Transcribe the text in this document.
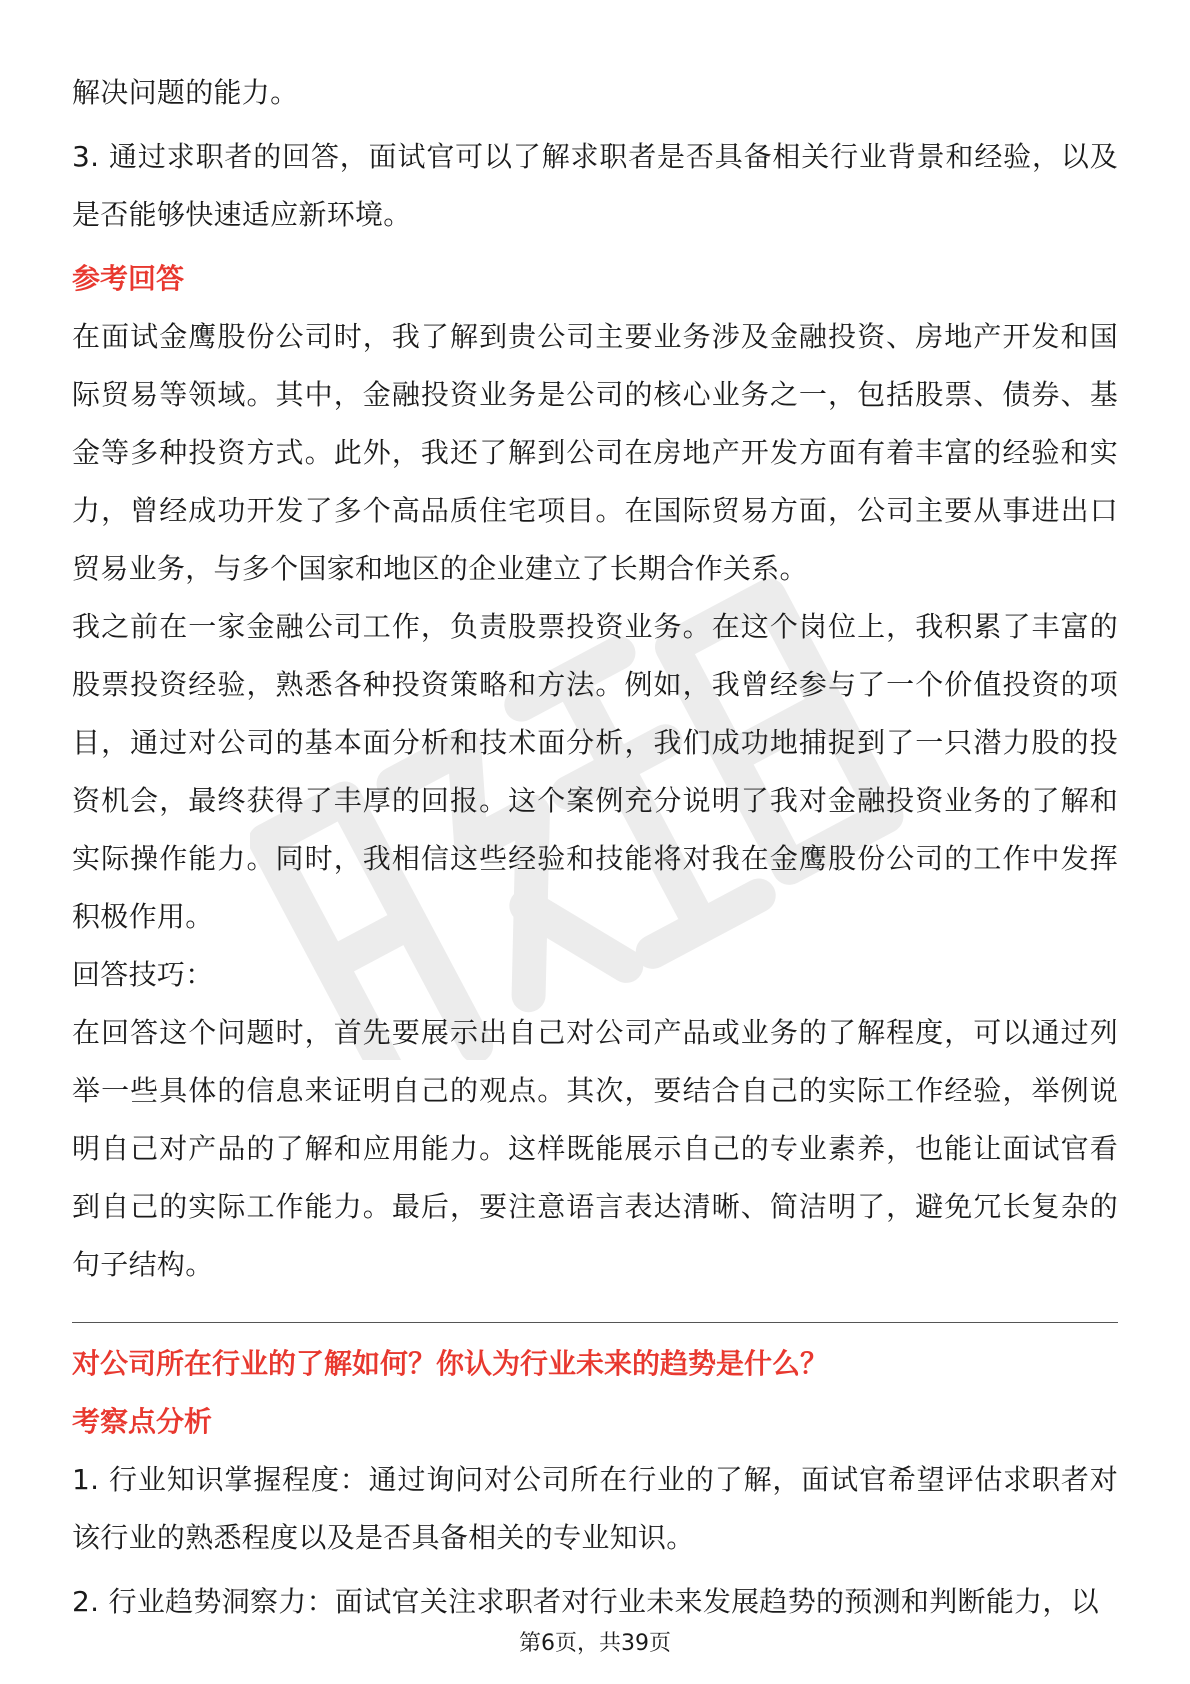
解决问题的能力。

3. 通过求职者的回答，面试官可以了解求职者是否具备相关行业背景和经验，以及是否能够快速适应新环境。

参考回答

在面试金鹰股份公司时，我了解到贵公司主要业务涉及金融投资、房地产开发和国际贸易等领域。其中，金融投资业务是公司的核心业务之一，包括股票、债券、基金等多种投资方式。此外，我还了解到公司在房地产开发方面有着丰富的经验和实力，曾经成功开发了多个高品质住宅项目。在国际贸易方面，公司主要从事进出口贸易业务，与多个国家和地区的企业建立了长期合作关系。

我之前在一家金融公司工作，负责股票投资业务。在这个岗位上，我积累了丰富的股票投资经验，熟悉各种投资策略和方法。例如，我曾经参与了一个价值投资的项目，通过对公司的基本面分析和技术面分析，我们成功地捕捉到了一只潜力股的投资机会，最终获得了丰厚的回报。这个案例充分说明了我对金融投资业务的了解和实际操作能力。同时，我相信这些经验和技能将对我在金鹰股份公司的工作中发挥积极作用。

回答技巧：

在回答这个问题时，首先要展示出自己对公司产品或业务的了解程度，可以通过列举一些具体的信息来证明自己的观点。其次，要结合自己的实际工作经验，举例说明自己对产品的了解和应用能力。这样既能展示自己的专业素养，也能让面试官看到自己的实际工作能力。最后，要注意语言表达清晰、简洁明了，避免冗长复杂的句子结构。

对公司所在行业的了解如何？你认为行业未来的趋势是什么？

考察点分析

1. 行业知识掌握程度：通过询问对公司所在行业的了解，面试官希望评估求职者对该行业的熟悉程度以及是否具备相关的专业知识。

2. 行业趋势洞察力：面试官关注求职者对行业未来发展趋势的预测和判断能力，以

第6页，共39页
